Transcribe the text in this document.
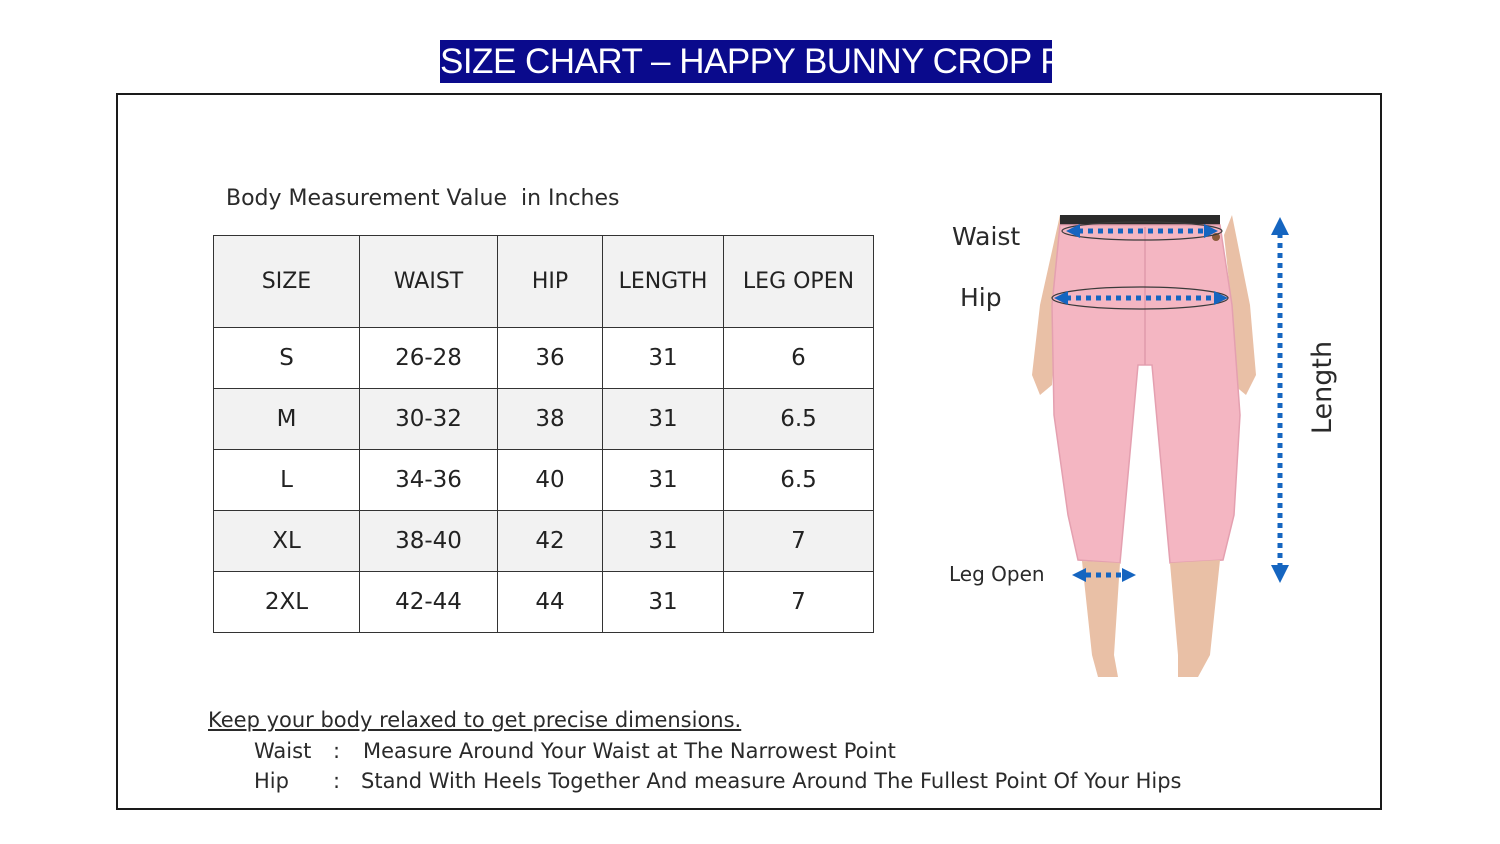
SIZE CHART – HAPPY BUNNY CROP PANT
Body Measurement Value  in Inches
SIZE	WAIST	HIP	LENGTH	LEG OPEN
S	26-28	36	31	6
M	30-32	38	31	6.5
L	34-36	40	31	6.5
XL	38-40	42	31	7
2XL	42-44	44	31	7
Waist
Hip
Leg Open
Length
Keep your body relaxed to get precise dimensions.
Waist : Measure Around Your Waist at The Narrowest Point
Hip : Stand With Heels Together And measure Around The Fullest Point Of Your Hips
